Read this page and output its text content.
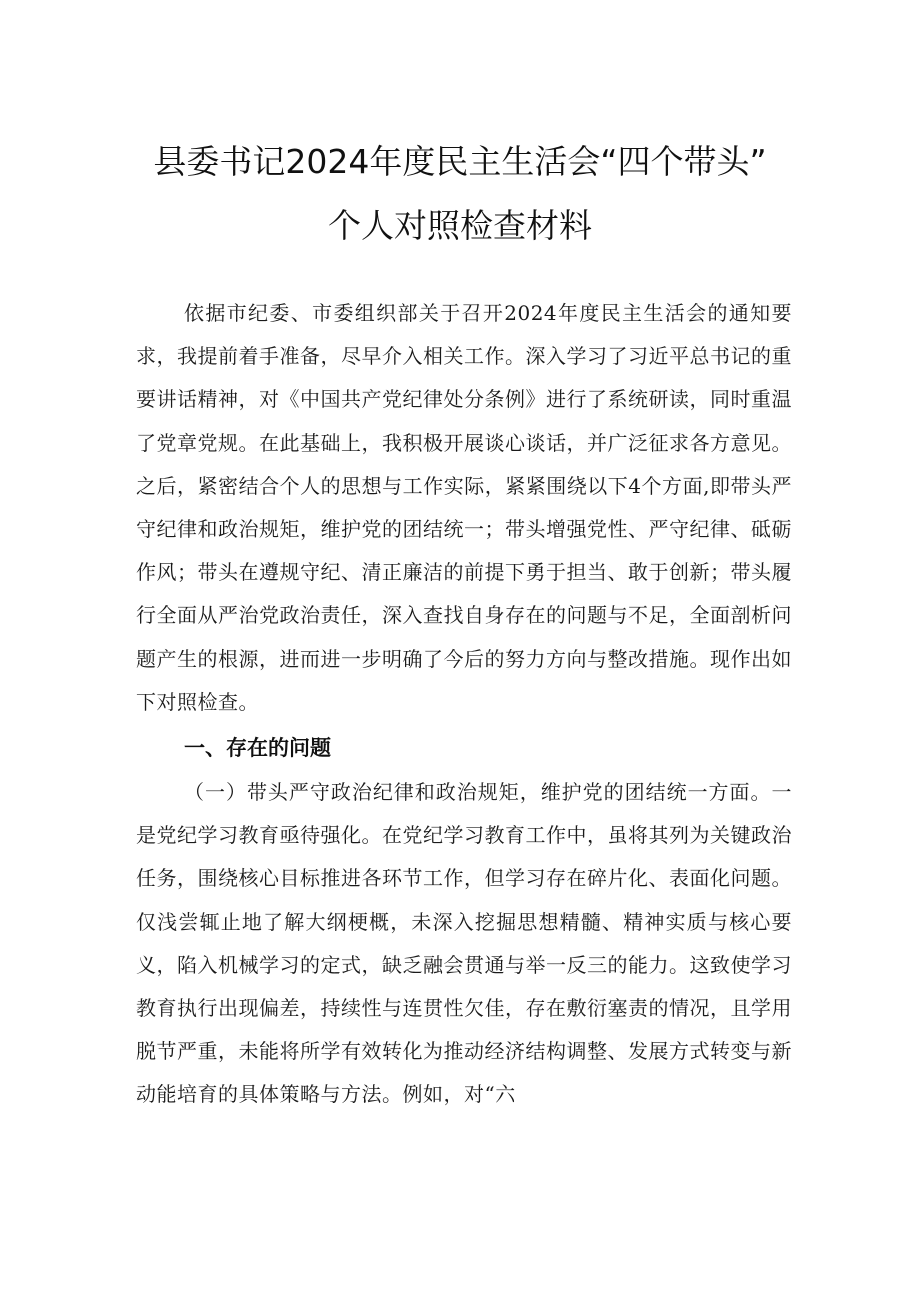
县委书记2024年度民主生活会“四个带头”
个人对照检查材料

依据市纪委、市委组织部关于召开2024年度民主生活会的通知要求，我提前着手准备，尽早介入相关工作。深入学习了习近平总书记的重要讲话精神，对《中国共产党纪律处分条例》进行了系统研读，同时重温了党章党规。在此基础上，我积极开展谈心谈话，并广泛征求各方意见。之后，紧密结合个人的思想与工作实际，紧紧围绕以下4个方面,即带头严守纪律和政治规矩，维护党的团结统一；带头增强党性、严守纪律、砥砺作风；带头在遵规守纪、清正廉洁的前提下勇于担当、敢于创新；带头履行全面从严治党政治责任，深入查找自身存在的问题与不足，全面剖析问题产生的根源，进而进一步明确了今后的努力方向与整改措施。现作出如下对照检查。

一、存在的问题

（一）带头严守政治纪律和政治规矩，维护党的团结统一方面。一是党纪学习教育亟待强化。在党纪学习教育工作中，虽将其列为关键政治任务，围绕核心目标推进各环节工作，但学习存在碎片化、表面化问题。仅浅尝辄止地了解大纲梗概，未深入挖掘思想精髓、精神实质与核心要义，陷入机械学习的定式，缺乏融会贯通与举一反三的能力。这致使学习教育执行出现偏差，持续性与连贯性欠佳，存在敷衍塞责的情况，且学用脱节严重，未能将所学有效转化为推动经济结构调整、发展方式转变与新动能培育的具体策略与方法。例如，对“六
